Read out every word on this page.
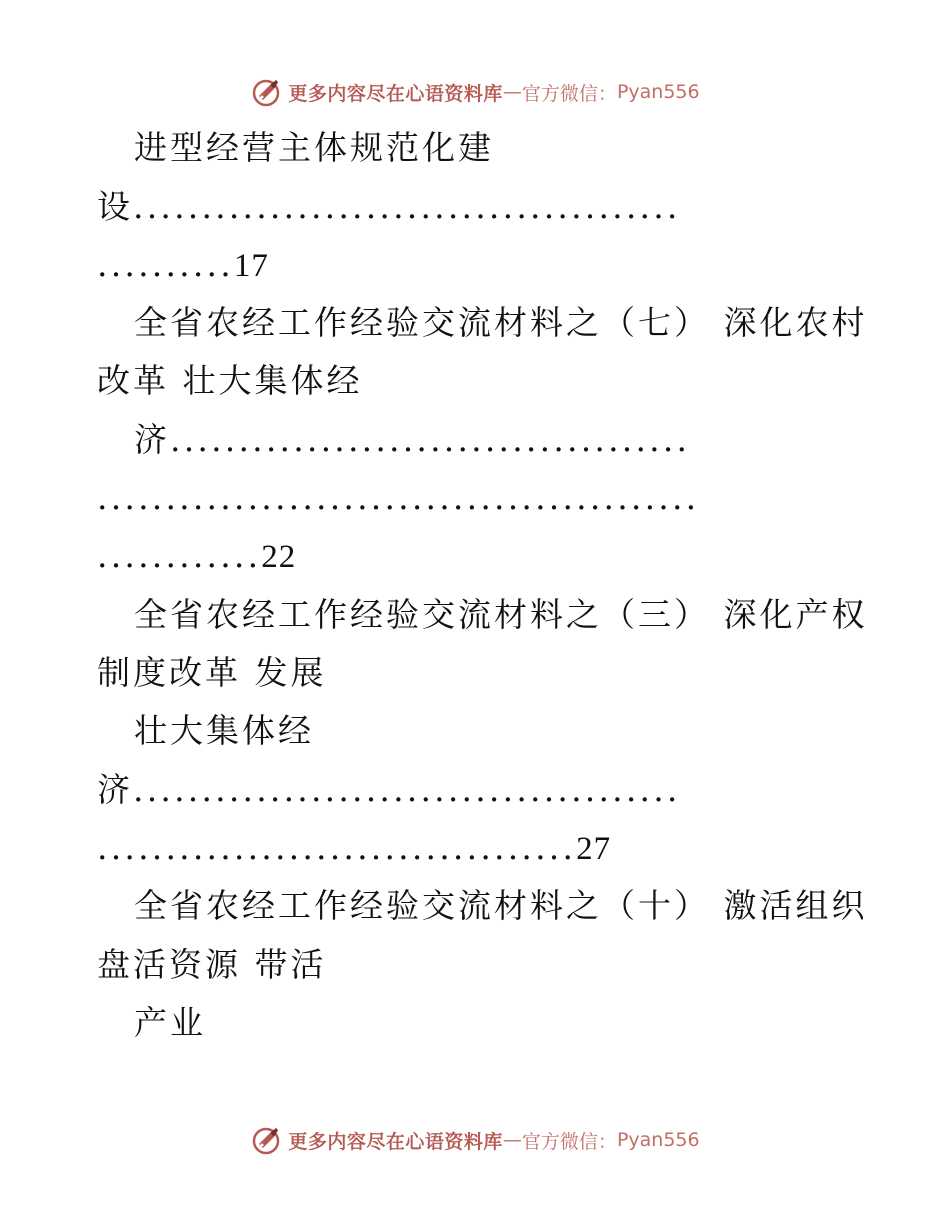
更多内容尽在心语资料库 — 官方微信： Pyan556
进型经营主体规范化建
设........................................
..........17
全省农经工作经验交流材料之（七） 深化农村
改革 壮大集体经
济......................................
............................................
............22
全省农经工作经验交流材料之（三） 深化产权
制度改革 发展
壮大集体经
济........................................
...................................27
全省农经工作经验交流材料之（十） 激活组织
盘活资源 带活
产业
更多内容尽在心语资料库 — 官方微信： Pyan556
